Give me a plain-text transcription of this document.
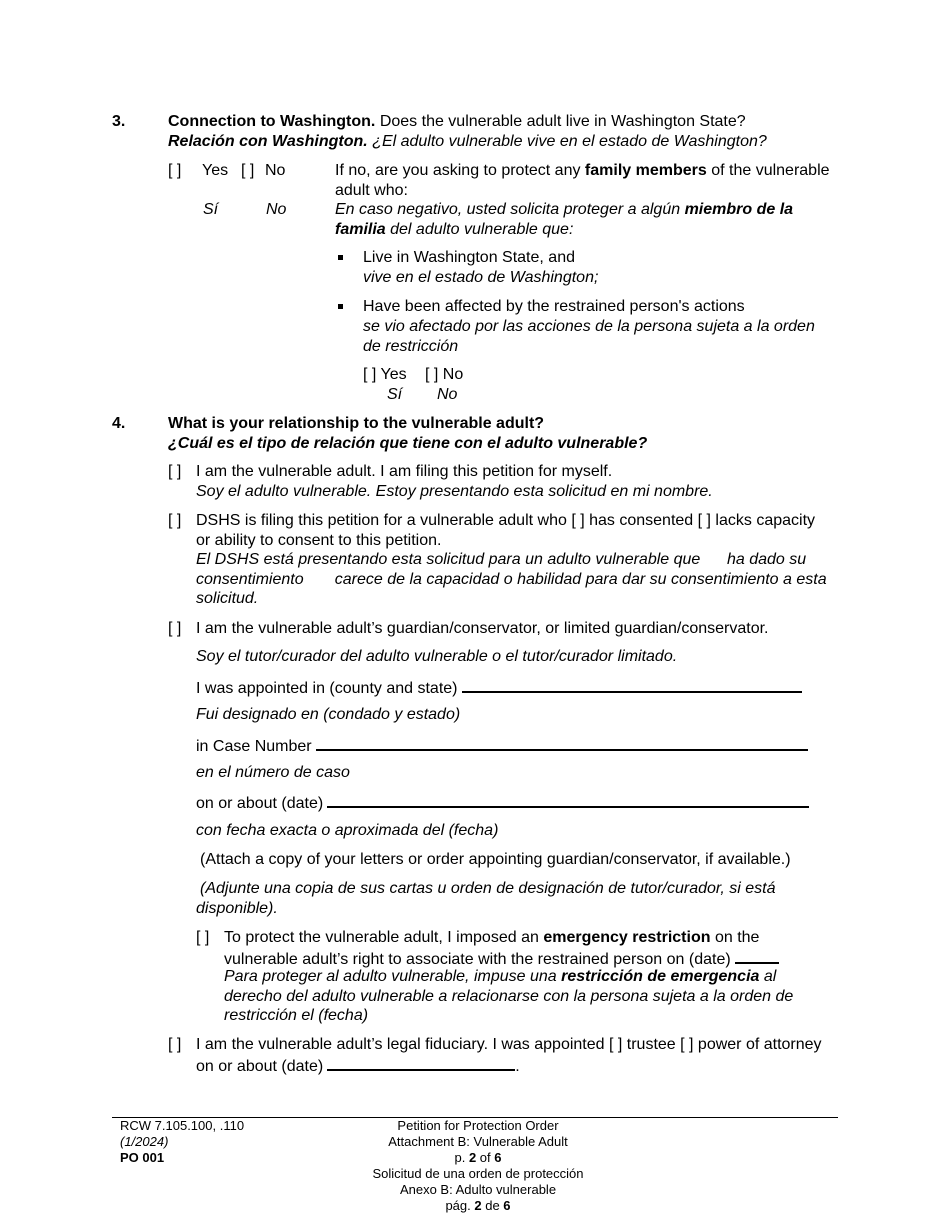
3.	Connection to Washington. Does the vulnerable adult live in Washington State?
Relación con Washington. ¿El adulto vulnerable vive en el estado de Washington?
[ ] Yes [ ] No
Sí	No
If no, are you asking to protect any family members of the vulnerable adult who:
En caso negativo, usted solicita proteger a algún miembro de la familia del adulto vulnerable que:
Live in Washington State, and
vive en el estado de Washington;
Have been affected by the restrained person's actions
se vio afectado por las acciones de la persona sujeta a la orden de restricción
[ ] Yes [ ] No
Sí No
4.	What is your relationship to the vulnerable adult?
¿Cuál es el tipo de relación que tiene con el adulto vulnerable?
[ ] I am the vulnerable adult. I am filing this petition for myself.
Soy el adulto vulnerable. Estoy presentando esta solicitud en mi nombre.
[ ] DSHS is filing this petition for a vulnerable adult who [ ] has consented [ ] lacks capacity or ability to consent to this petition.
El DSHS está presentando esta solicitud para un adulto vulnerable que      ha dado su consentimiento       carece de la capacidad o habilidad para dar su consentimiento a esta solicitud.
[ ] I am the vulnerable adult’s guardian/conservator, or limited guardian/conservator.
Soy el tutor/curador del adulto vulnerable o el tutor/curador limitado.
I was appointed in (county and state)
Fui designado en (condado y estado)
in Case Number
en el número de caso
on or about (date)
con fecha exacta o aproximada del (fecha)
(Attach a copy of your letters or order appointing guardian/conservator, if available.)
(Adjunte una copia de sus cartas u orden de designación de tutor/curador, si está disponible).
[ ] To protect the vulnerable adult, I imposed an emergency restriction on the vulnerable adult’s right to associate with the restrained person on (date)
Para proteger al adulto vulnerable, impuse una restricción de emergencia al derecho del adulto vulnerable a relacionarse con la persona sujeta a la orden de restricción el (fecha)
[ ] I am the vulnerable adult’s legal fiduciary. I was appointed [ ] trustee [ ] power of attorney on or about (date)	.
RCW 7.105.100, .110
(1/2024)
PO 001
Petition for Protection Order
Attachment B: Vulnerable Adult
p. 2 of 6
Solicitud de una orden de protección
Anexo B: Adulto vulnerable
pág. 2 de 6
